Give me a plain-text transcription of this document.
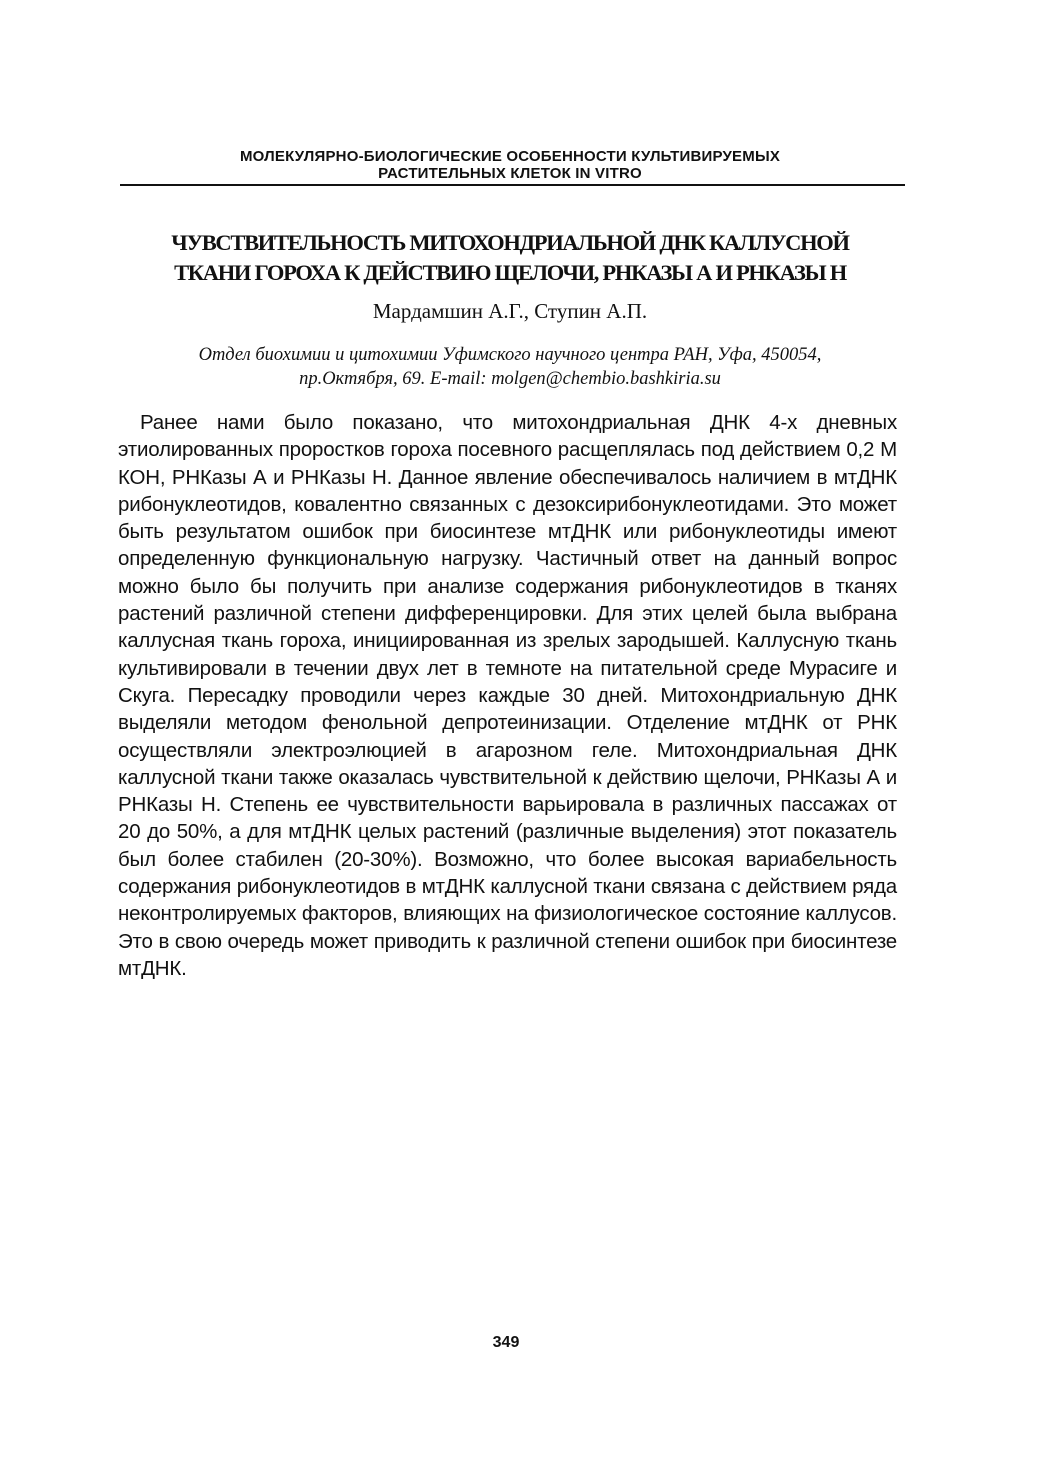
МОЛЕКУЛЯРНО-БИОЛОГИЧЕСКИЕ ОСОБЕННОСТИ КУЛЬТИВИРУЕМЫХ
РАСТИТЕЛЬНЫХ КЛЕТОК IN VITRO
ЧУВСТВИТЕЛЬНОСТЬ МИТОХОНДРИАЛЬНОЙ ДНК КАЛЛУСНОЙ
ТКАНИ ГОРОХА К ДЕЙСТВИЮ ЩЕЛОЧИ, РНКАЗЫ А И РНКАЗЫ Н
Мардамшин А.Г., Ступин А.П.
Отдел биохимии и цитохимии Уфимского научного центра РАН, Уфа, 450054,
пр.Октября, 69. E-mail: molgen@chembio.bashkiria.su

Ранее нами было показано, что митохондриальная ДНК 4-х дневных этиолированных проростков гороха посевного расщеплялась под действием 0,2 М КОН, РНКазы А и РНКазы Н. Данное явление обеспечивалось наличием в мтДНК рибонуклеотидов, ковалентно связанных с дезоксирибонуклеотидами. Это может быть результатом ошибок при биосинтезе мтДНК или рибонуклеотиды имеют определенную функциональную нагрузку. Частичный ответ на данный вопрос можно было бы получить при анализе содержания рибонуклеотидов в тканях растений различной степени дифференцировки. Для этих целей была выбрана каллусная ткань гороха, инициированная из зрелых зародышей. Каллусную ткань культивировали в течении двух лет в темноте на питательной среде Мурасиге и Скуга. Пересадку проводили через каждые 30 дней. Митохондриальную ДНК выделяли методом фенольной депротеинизации. Отделение мтДНК от РНК осуществляли электроэлюцией в агарозном геле. Митохондриальная ДНК каллусной ткани также оказалась чувствительной к действию щелочи, РНКазы А и РНКазы Н. Степень ее чувствительности варьировала в различных пассажах от 20 до 50%, а для мтДНК целых растений (различные выделения) этот показатель был более стабилен (20-30%). Возможно, что более высокая вариабельность содержания рибонуклеотидов в мтДНК каллусной ткани связана с действием ряда неконтролируемых факторов, влияющих на физиологическое состояние каллусов. Это в свою очередь может приводить к различной степени ошибок при биосинтезе мтДНК.

349
